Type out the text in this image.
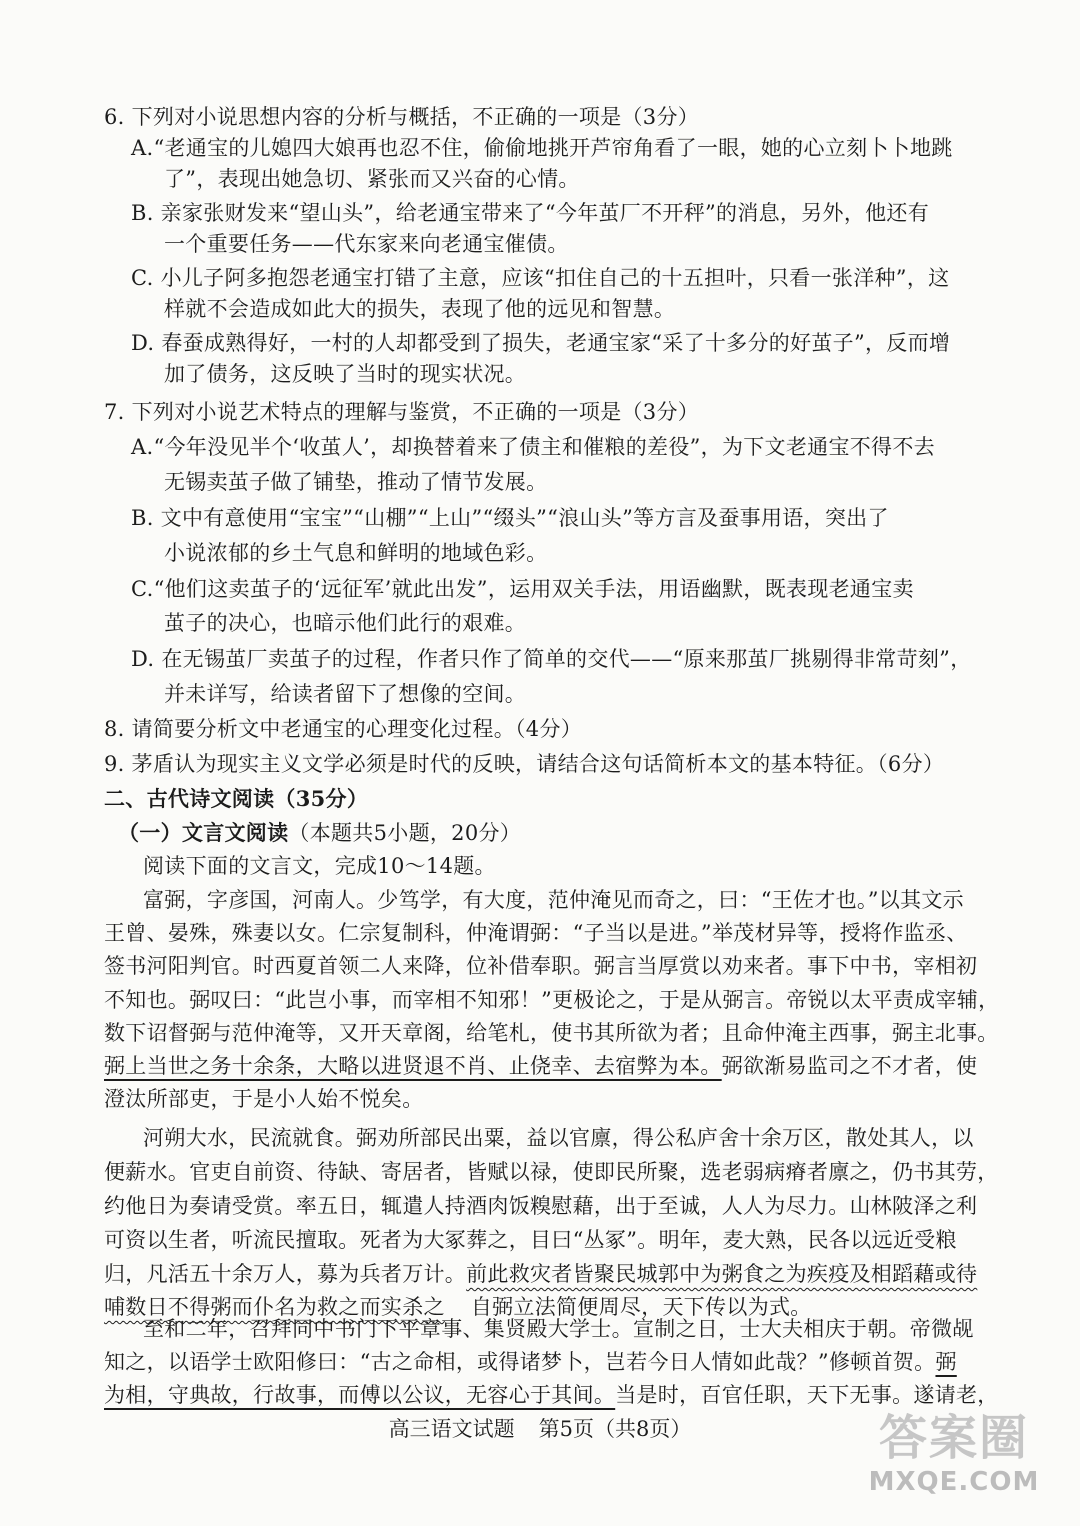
6. 下列对小说思想内容的分析与概括，不正确的一项是（3分）
A.“老通宝的儿媳四大娘再也忍不住，偷偷地挑开芦帘角看了一眼，她的心立刻卜卜地跳
了”，表现出她急切、紧张而又兴奋的心情。
B. 亲家张财发来“望山头”，给老通宝带来了“今年茧厂不开秤”的消息，另外，他还有
一个重要任务——代东家来向老通宝催债。
C. 小儿子阿多抱怨老通宝打错了主意，应该“扣住自己的十五担叶，只看一张洋种”，这
样就不会造成如此大的损失，表现了他的远见和智慧。
D. 春蚕成熟得好，一村的人却都受到了损失，老通宝家“采了十多分的好茧子”，反而增
加了债务，这反映了当时的现实状况。
7. 下列对小说艺术特点的理解与鉴赏，不正确的一项是（3分）
A.“今年没见半个‘收茧人’，却换替着来了债主和催粮的差役”，为下文老通宝不得不去
无锡卖茧子做了铺垫，推动了情节发展。
B. 文中有意使用“宝宝”“山棚”“上山”“缀头”“浪山头”等方言及蚕事用语，突出了
小说浓郁的乡土气息和鲜明的地域色彩。
C.“他们这卖茧子的‘远征军’就此出发”，运用双关手法，用语幽默，既表现老通宝卖
茧子的决心，也暗示他们此行的艰难。
D. 在无锡茧厂卖茧子的过程，作者只作了简单的交代——“原来那茧厂挑剔得非常苛刻”，
并未详写，给读者留下了想像的空间。
8. 请简要分析文中老通宝的心理变化过程。（4分）
9. 茅盾认为现实主义文学必须是时代的反映，请结合这句话简析本文的基本特征。（6分）
二、古代诗文阅读（35分）
（一）文言文阅读（本题共5小题，20分）
阅读下面的文言文，完成10～14题。
富弼，字彦国，河南人。少笃学，有大度，范仲淹见而奇之，曰：“王佐才也。”以其文示
王曾、晏殊，殊妻以女。仁宗复制科，仲淹谓弼：“子当以是进。”举茂材异等，授将作监丞、
签书河阳判官。时西夏首领二人来降，位补借奉职。弼言当厚赏以劝来者。事下中书，宰相初
不知也。弼叹曰：“此岂小事，而宰相不知邪！”更极论之，于是从弼言。帝锐以太平责成宰辅，
数下诏督弼与范仲淹等，又开天章阁，给笔札，使书其所欲为者；且命仲淹主西事，弼主北事。
弼上当世之务十余条，大略以进贤退不肖、止侥幸、去宿弊为本。弼欲渐易监司之不才者，使
澄汰所部吏，于是小人始不悦矣。
河朔大水，民流就食。弼劝所部民出粟，益以官廪，得公私庐舍十余万区，散处其人，以
便薪水。官吏自前资、待缺、寄居者，皆赋以禄，使即民所聚，选老弱病瘠者廪之，仍书其劳，
约他日为奏请受赏。率五日，辄遣人持酒肉饭糗慰藉，出于至诚，人人为尽力。山林陂泽之利
可资以生者，听流民擅取。死者为大冢葬之，目曰“丛冢”。明年，麦大熟，民各以远近受粮
归，凡活五十余万人，募为兵者万计。前此救灾者皆聚民城郭中为粥食之为疾疫及相蹈藉或待
哺数日不得粥而仆名为救之而实杀之 自弼立法简便周尽，天下传以为式。
至和二年，召拜同中书门下平章事、集贤殿大学士。宣制之日，士大夫相庆于朝。帝微觇
知之，以语学士欧阳修曰：“古之命相，或得诸梦卜，岂若今日人情如此哉？”修顿首贺。弼
高三语文试题 第5页（共8页）	答案圈
MXQE.COM
为相，守典故，行故事，而傅以公议，无容心于其间。当是时，百官任职，天下无事。遂请老，
